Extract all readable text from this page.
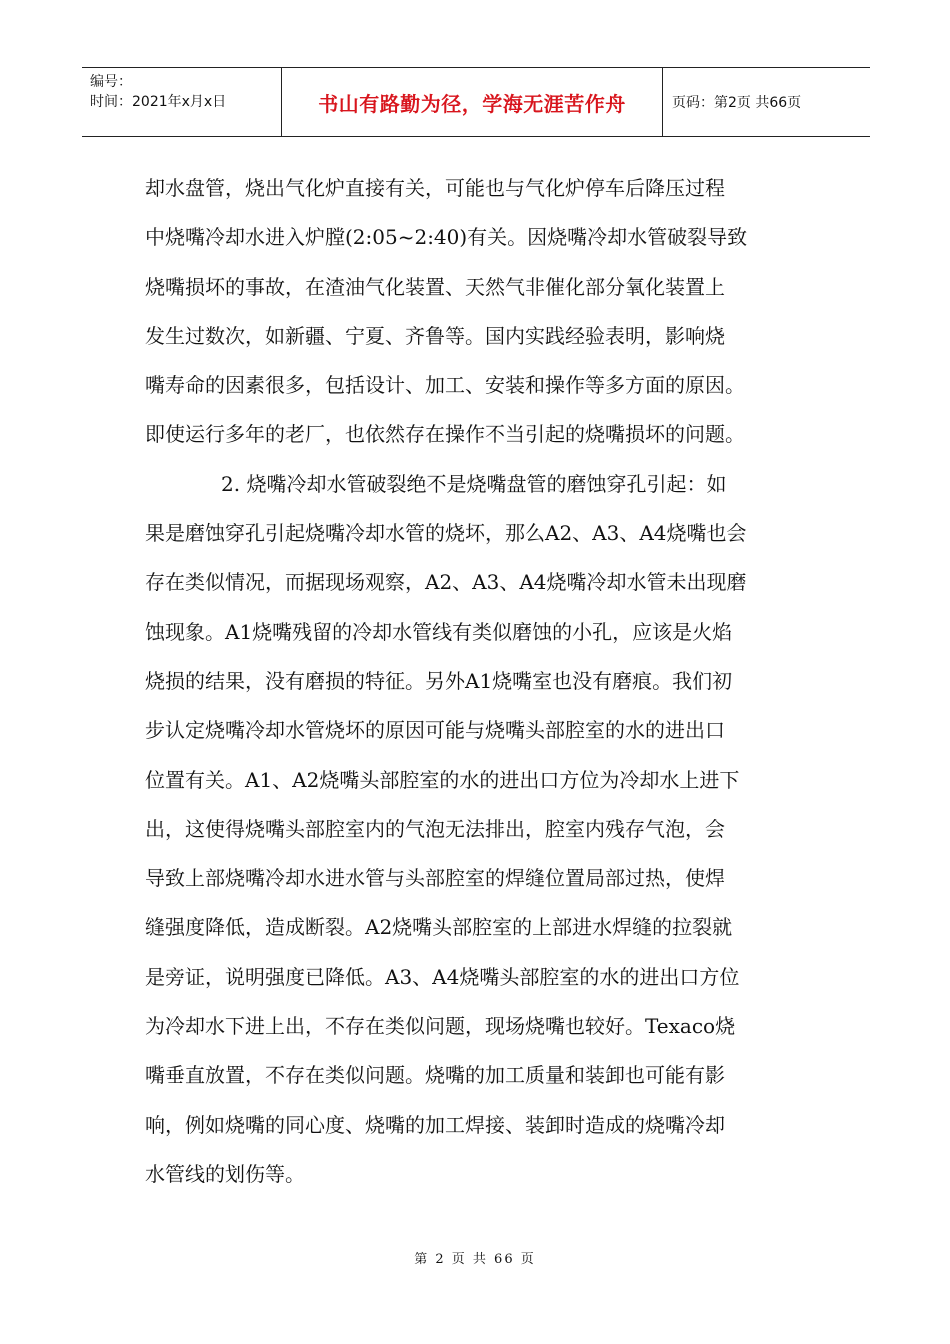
编号：
时间：2021年x月x日	书山有路勤为径，学海无涯苦作舟	页码：第2页 共66页
却水盘管，烧出气化炉直接有关，可能也与气化炉停车后降压过程
中烧嘴冷却水进入炉膛(2:05~2:40)有关。因烧嘴冷却水管破裂导致
烧嘴损坏的事故，在渣油气化装置、天然气非催化部分氧化装置上
发生过数次，如新疆、宁夏、齐鲁等。国内实践经验表明，影响烧
嘴寿命的因素很多，包括设计、加工、安装和操作等多方面的原因。
即使运行多年的老厂，也依然存在操作不当引起的烧嘴损坏的问题。
2. 烧嘴冷却水管破裂绝不是烧嘴盘管的磨蚀穿孔引起：如
果是磨蚀穿孔引起烧嘴冷却水管的烧坏，那么A2、A3、A4烧嘴也会
存在类似情况，而据现场观察，A2、A3、A4烧嘴冷却水管未出现磨
蚀现象。A1烧嘴残留的冷却水管线有类似磨蚀的小孔，应该是火焰
烧损的结果，没有磨损的特征。另外A1烧嘴室也没有磨痕。我们初
步认定烧嘴冷却水管烧坏的原因可能与烧嘴头部腔室的水的进出口
位置有关。A1、A2烧嘴头部腔室的水的进出口方位为冷却水上进下
出，这使得烧嘴头部腔室内的气泡无法排出，腔室内残存气泡，会
导致上部烧嘴冷却水进水管与头部腔室的焊缝位置局部过热，使焊
缝强度降低，造成断裂。A2烧嘴头部腔室的上部进水焊缝的拉裂就
是旁证，说明强度已降低。A3、A4烧嘴头部腔室的水的进出口方位
为冷却水下进上出，不存在类似问题，现场烧嘴也较好。Texaco烧
嘴垂直放置，不存在类似问题。烧嘴的加工质量和装卸也可能有影
响，例如烧嘴的同心度、烧嘴的加工焊接、装卸时造成的烧嘴冷却
水管线的划伤等。
第 2 页 共 66 页
